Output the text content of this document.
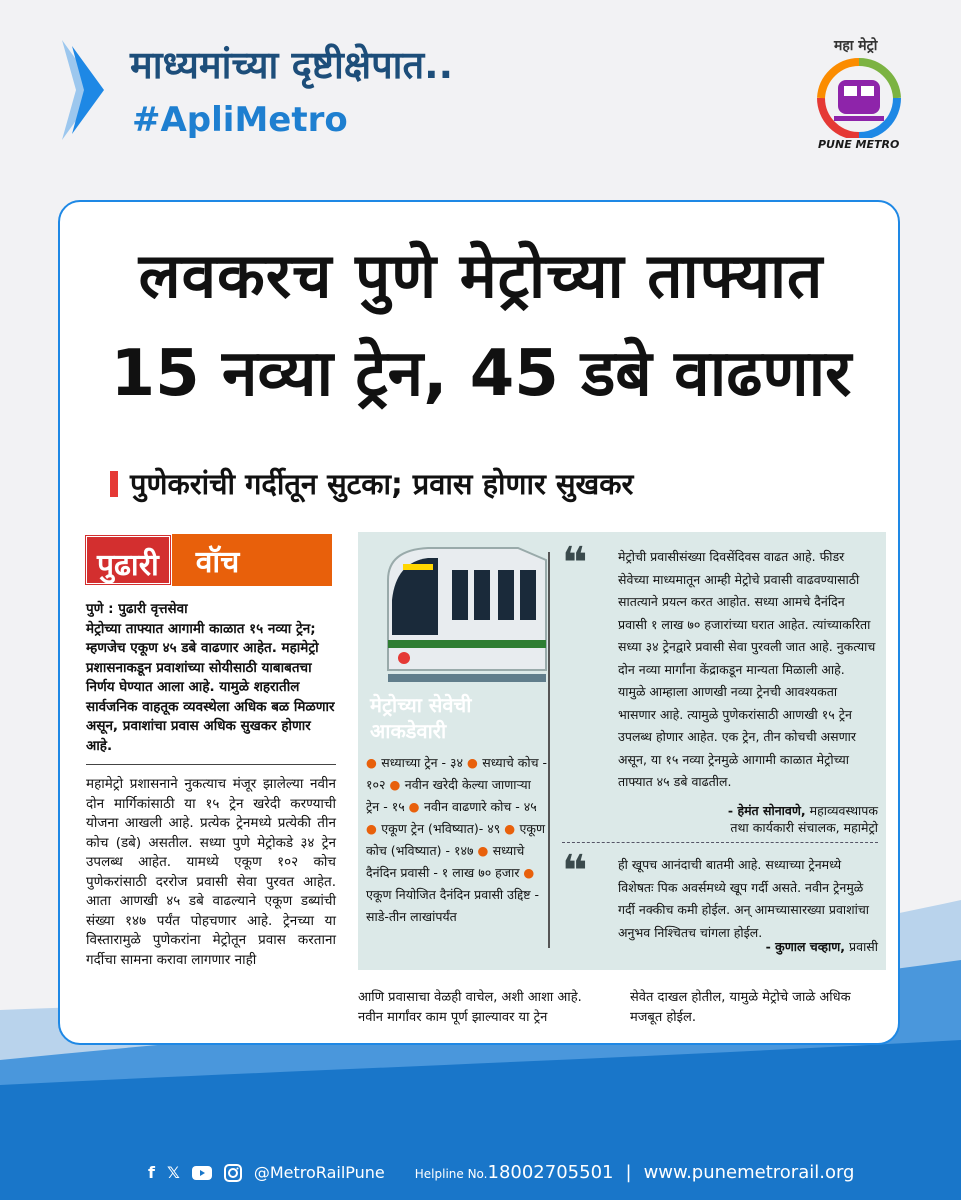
माध्यमांच्या दृष्टीक्षेपात..
#ApliMetro
महा मेट्रो
PUNE METRO
लवकरच पुणे मेट्रोच्या ताफ्यात
15 नव्या ट्रेन, 45 डबे वाढणार
पुणेकरांची गर्दीतून सुटका; प्रवास होणार सुखकर
पुढारी	वॉच
पुणे : पुढारी वृत्तसेवा
मेट्रोच्या ताफ्यात आगामी काळात १५ नव्या ट्रेन; म्हणजेच एकूण ४५ डबे वाढणार आहेत. महामेट्रो प्रशासनाकडून प्रवाशांच्या सोयीसाठी याबाबतचा निर्णय घेण्यात आला आहे. यामुळे शहरातील सार्वजनिक वाहतूक व्यवस्थेला अधिक बळ मिळणार असून, प्रवाशांचा प्रवास अधिक सुखकर होणार आहे.
महामेट्रो प्रशासनाने नुकत्याच मंजूर झालेल्या नवीन दोन मार्गिकांसाठी या १५ ट्रेन खरेदी करण्याची योजना आखली आहे. प्रत्येक ट्रेनमध्ये प्रत्येकी तीन कोच (डबे) असतील. सध्या पुणे मेट्रोकडे ३४ ट्रेन उपलब्ध आहेत. यामध्ये एकूण १०२ कोच पुणेकरांसाठी दररोज प्रवासी सेवा पुरवत आहेत. आता आणखी ४५ डबे वाढल्याने एकूण डब्यांची संख्या १४७ पर्यंत पोहचणार आहे. ट्रेनच्या या विस्तारामुळे पुणेकरांना मेट्रोतून प्रवास करताना गर्दीचा सामना करावा लागणार नाही
मेट्रोच्या सेवेची
आकडेवारी
● सध्याच्या ट्रेन - ३४ ● सध्याचे कोच - १०२ ● नवीन खरेदी केल्या जाणाऱ्या ट्रेन - १५ ● नवीन वाढणारे कोच - ४५ ● एकूण ट्रेन (भविष्यात)- ४९ ● एकूण कोच (भविष्यात) - १४७ ● सध्याचे दैनंदिन प्रवासी - १ लाख ७० हजार ● एकूण नियोजित दैनंदिन प्रवासी उद्दिष्ट - साडे-तीन लाखांपर्यंत
❝ मेट्रोची प्रवासीसंख्या दिवसेंदिवस वाढत आहे. फीडर सेवेच्या माध्यमातून आम्ही मेट्रोचे प्रवासी वाढवण्यासाठी सातत्याने प्रयत्न करत आहोत. सध्या आमचे दैनंदिन प्रवासी १ लाख ७० हजारांच्या घरात आहेत. त्यांच्याकरिता सध्या ३४ ट्रेनद्वारे प्रवासी सेवा पुरवली जात आहे. नुकत्याच दोन नव्या मार्गांना केंद्राकडून मान्यता मिळाली आहे. यामुळे आम्हाला आणखी नव्या ट्रेनची आवश्यकता भासणार आहे. त्यामुळे पुणेकरांसाठी आणखी १५ ट्रेन उपलब्ध होणार आहेत. एक ट्रेन, तीन कोचची असणार असून, या १५ नव्या ट्रेनमुळे आगामी काळात मेट्रोच्या ताफ्यात ४५ डबे वाढतील.
- हेमंत सोनावणे, महाव्यवस्थापक
तथा कार्यकारी संचालक, महामेट्रो
❝ ही खूपच आनंदाची बातमी आहे. सध्याच्या ट्रेनमध्ये विशेषतः पिक अवर्समध्ये खूप गर्दी असते. नवीन ट्रेनमुळे गर्दी नक्कीच कमी होईल. अन् आमच्यासारख्या प्रवाशांचा अनुभव निश्चितच चांगला होईल.
- कुणाल चव्हाण, प्रवासी
आणि प्रवासाचा वेळही वाचेल, अशी आशा आहे. नवीन मार्गांवर काम पूर्ण झाल्यावर या ट्रेन
सेवेत दाखल होतील, यामुळे मेट्रोचे जाळे अधिक मजबूत होईल.
f 𝕏	@MetroRailPune	Helpline No.18002705501 | www.punemetrorail.org
